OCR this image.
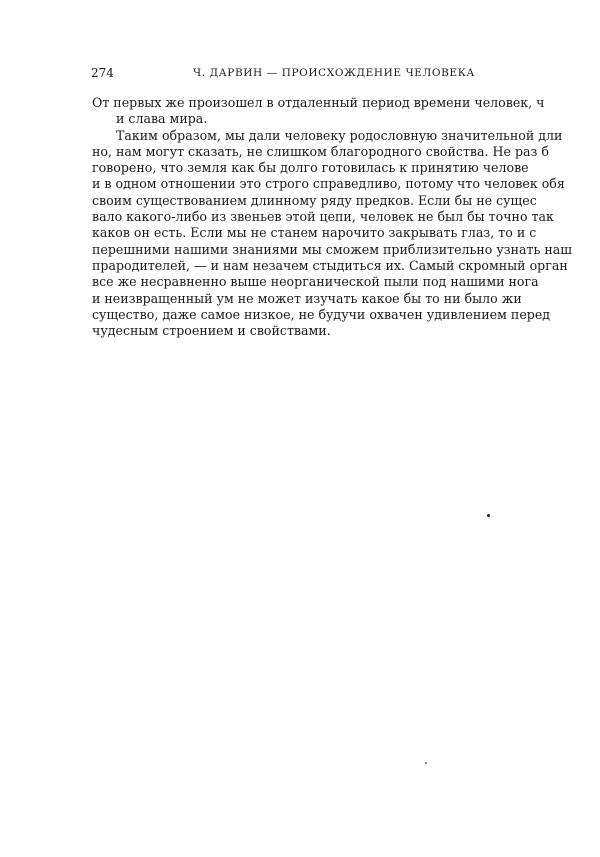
274	Ч. ДАРВИН — ПРОИСХОЖДЕНИЕ ЧЕЛОВЕКА
От первых же произошел в отдаленный период времени человек, ч
и слава мира.
Таким образом, мы дали человеку родословную значительной дли
но, нам могут сказать, не слишком благородного свойства. Не раз б
говорено, что земля как бы долго готовилась к принятию челове
и в одном отношении это строго справедливо, потому что человек обя
своим существованием длинному ряду предков. Если бы не сущес
вало какого-либо из звеньев этой цепи, человек не был бы точно так
каков он есть. Если мы не станем нарочито закрывать глаз, то и с
перешними нашими знаниями мы сможем приблизительно узнать наш
прародителей, — и нам незачем стыдиться их. Самый скромный орган
все же несравненно выше неорганической пыли под нашими нога
и неизвращенный ум не может изучать какое бы то ни было жи
существо, даже самое низкое, не будучи охвачен удивлением перед
чудесным строением и свойствами.
